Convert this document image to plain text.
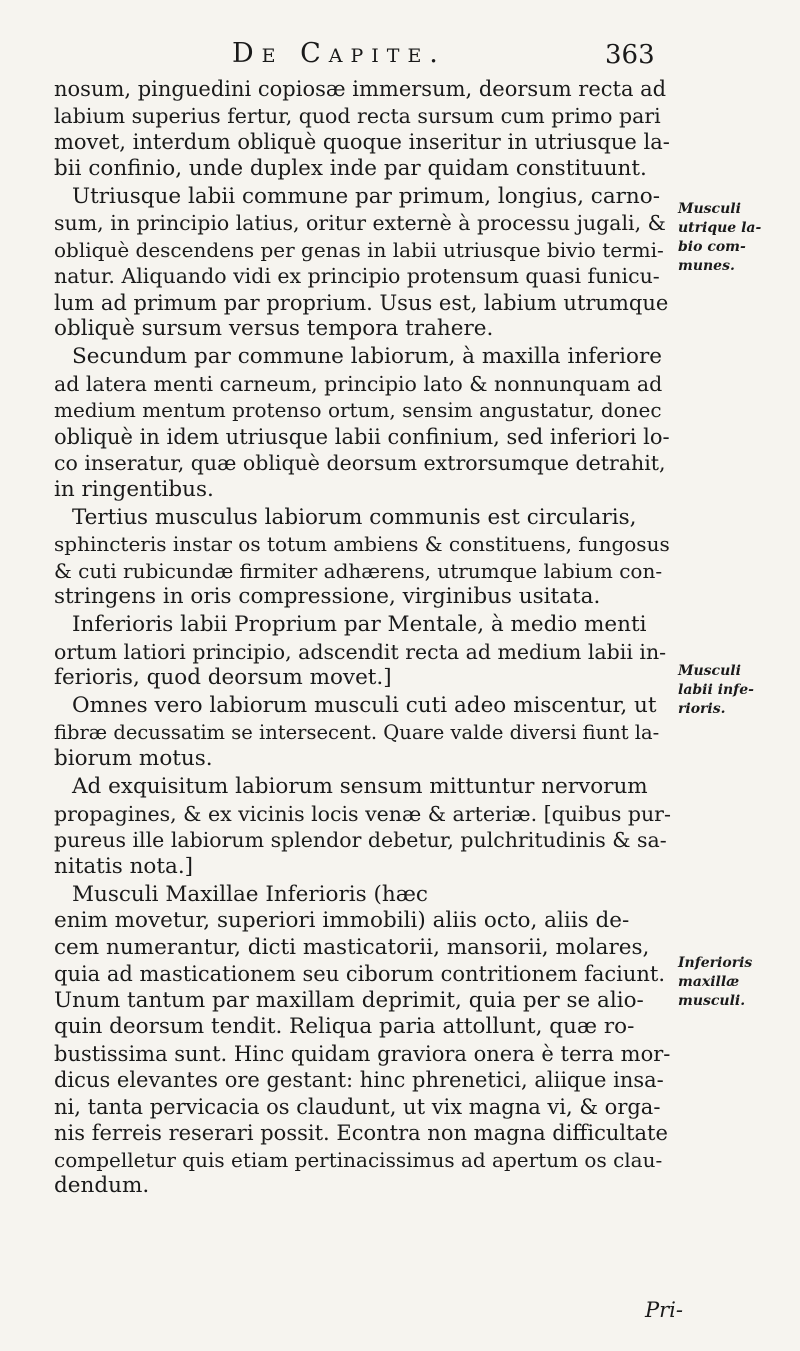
De Capite.	363
nosum, pinguedini copiosæ immersum, deorsum recta ad
labium superius fertur, quod recta sursum cum primo pari
movet, interdum obliquè quoque inseritur in utriusque la-
bii confinio, unde duplex inde par quidam constituunt.
Utriusque labii commune par primum, longius, carno-
sum, in principio latius, oritur externè à processu jugali, &
obliquè descendens per genas in labii utriusque bivio termi-
natur. Aliquando vidi ex principio protensum quasi funicu-
lum ad primum par proprium. Usus est, labium utrumque
obliquè sursum versus tempora trahere.
Secundum par commune labiorum, à maxilla inferiore
ad latera menti carneum, principio lato & nonnunquam ad
medium mentum protenso ortum, sensim angustatur, donec
obliquè in idem utriusque labii confinium, sed inferiori lo-
co inseratur, quæ obliquè deorsum extrorsumque detrahit,
in ringentibus.
Tertius musculus labiorum communis est circularis,
sphincteris instar os totum ambiens & constituens, fungosus
& cuti rubicundæ firmiter adhærens, utrumque labium con-
stringens in oris compressione, virginibus usitata.
Inferioris labii Proprium par Mentale, à medio menti
ortum latiori principio, adscendit recta ad medium labii in-
ferioris, quod deorsum movet.]
Omnes vero labiorum musculi cuti adeo miscentur, ut
fibræ decussatim se intersecent. Quare valde diversi fiunt la-
biorum motus.
Ad exquisitum labiorum sensum mittuntur nervorum
propagines, & ex vicinis locis venæ & arteriæ. [quibus pur-
pureus ille labiorum splendor debetur, pulchritudinis & sa-
nitatis nota.]
Musculi Maxillae Inferioris (hæc
enim movetur, superiori immobili) aliis octo, aliis de-
cem numerantur, dicti masticatorii, mansorii, molares,
quia ad masticationem seu ciborum contritionem faciunt.
Unum tantum par maxillam deprimit, quia per se alio-
quin deorsum tendit. Reliqua paria attollunt, quæ ro-
bustissima sunt. Hinc quidam graviora onera è terra mor-
dicus elevantes ore gestant: hinc phrenetici, aliique insa-
ni, tanta pervicacia os claudunt, ut vix magna vi, & orga-
nis ferreis reserari possit. Econtra non magna difficultate
compelletur quis etiam pertinacissimus ad apertum os clau-
dendum.
Musculi
utrique la-
bio com-
munes.
Musculi
labii infe-
rioris.
Inferioris
maxillæ
musculi.
Pri-
